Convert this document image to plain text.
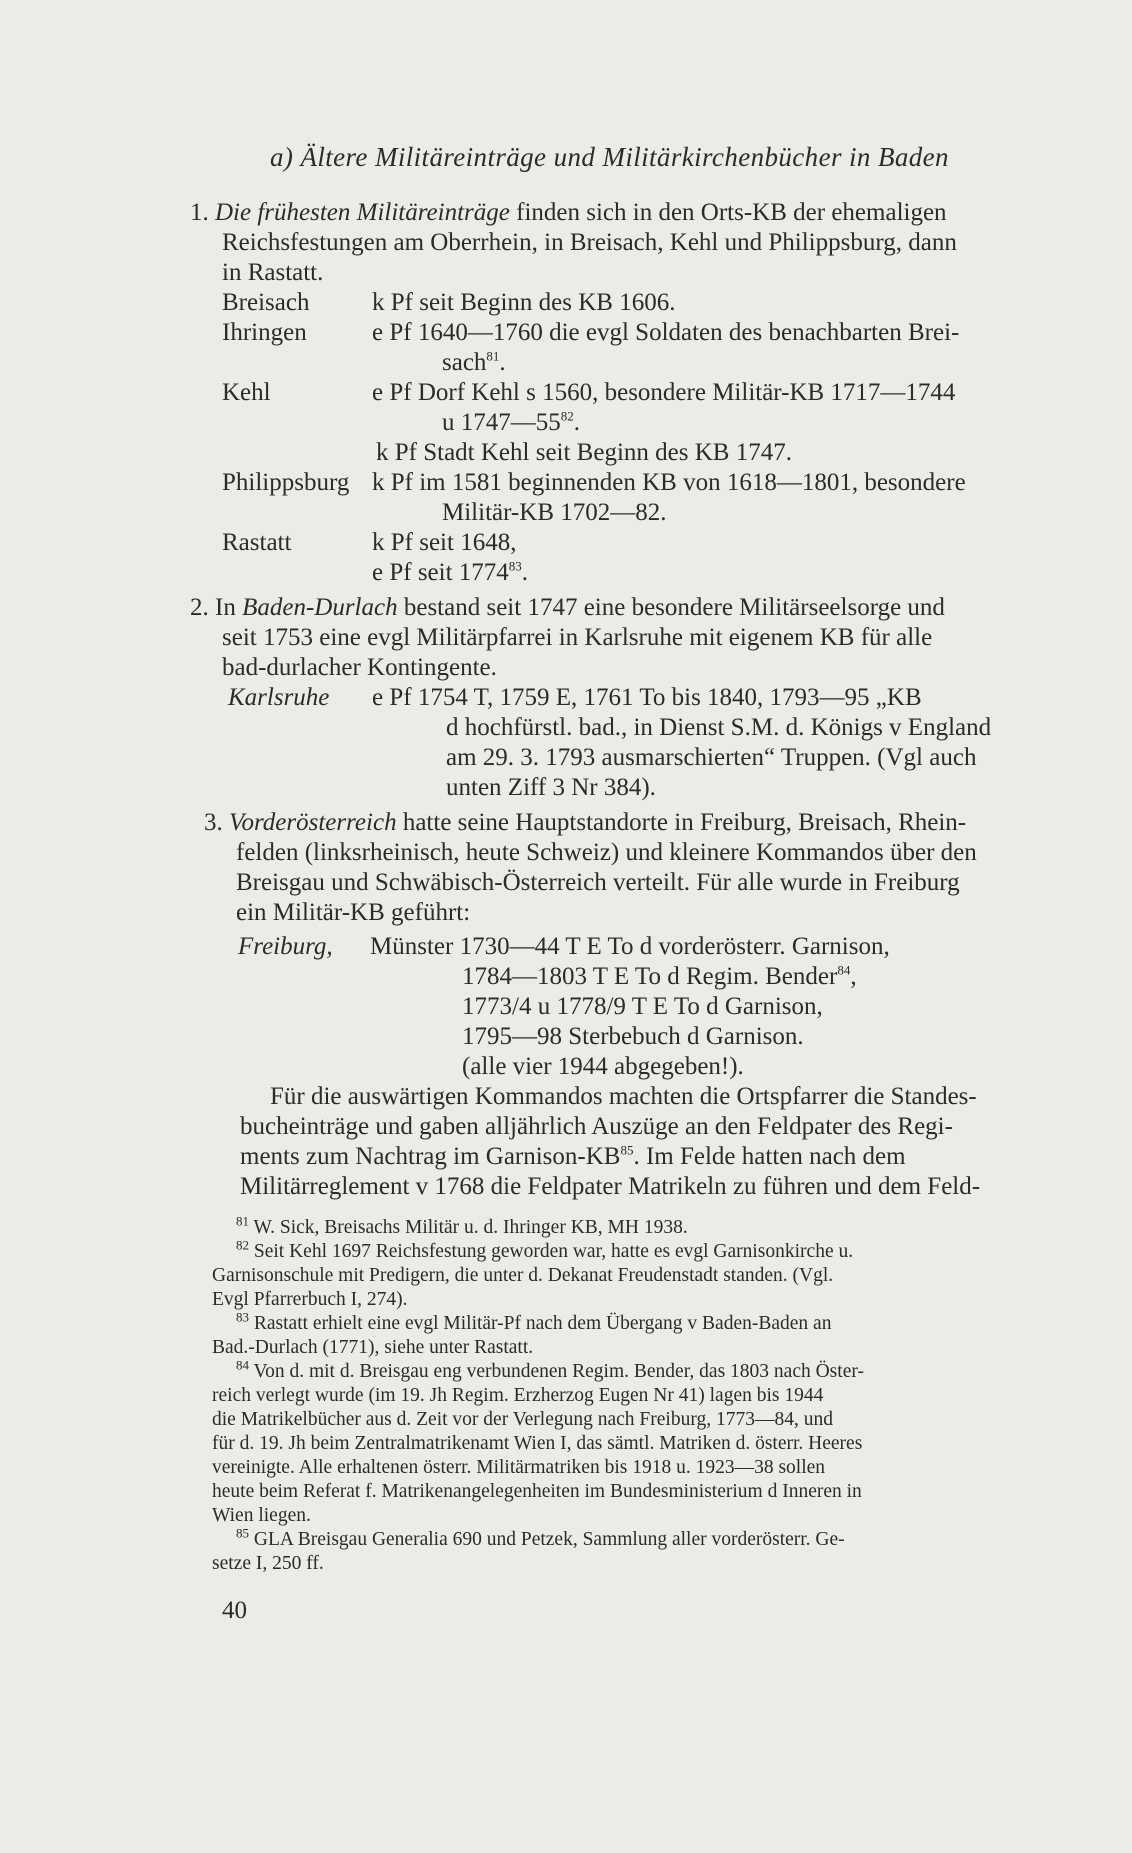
a) Ältere Militäreinträge und Militärkirchenbücher in Baden
1. Die frühesten Militäreinträge finden sich in den Orts-KB der ehemaligen
Reichsfestungen am Oberrhein, in Breisach, Kehl und Philippsburg, dann
in Rastatt.
Breisach	k Pf seit Beginn des KB 1606.
Ihringen	e Pf 1640—1760 die evgl Soldaten des benachbarten Brei-
sach$^{81}$.
Kehl	e Pf Dorf Kehl s 1560, besondere Militär-KB 1717—1744
u $1747—55^{82}$.
k Pf Stadt Kehl seit Beginn des KB 1747.
Philippsburg k Pf im 1581 beginnenden KB von 1618—1801, besondere
Militär-KB 1702—82.
Rastatt	k Pf seit 1648,
e Pf seit 1774$^{83}$.
2. In Baden-Durlach bestand seit 1747 eine besondere Militärseelsorge und
seit 1753 eine evgl Militärpfarrei in Karlsruhe mit eigenem KB für alle
bad-durlacher Kontingente.
Karlsruhe e Pf 1754 T, 1759 E, 1761 To bis 1840, 1793—95 „KB
d hochfürstl. bad., in Dienst S.M. d. Königs v England
am 29. 3. 1793 ausmarschierten“ Truppen. (Vgl auch
unten Ziff 3 Nr 384).
3. Vorderösterreich hatte seine Hauptstandorte in Freiburg, Breisach, Rhein-
felden (linksrheinisch, heute Schweiz) und kleinere Kommandos über den
Breisgau und Schwäbisch-Österreich verteilt. Für alle wurde in Freiburg
ein Militär-KB geführt:
Freiburg, Münster 1730—44 T E To d vorderösterr. Garnison,
1784—1803 T E To d Regim. Bender$^{84}$,
1773/4 u 1778/9 T E To d Garnison,
1795—98 Sterbebuch d Garnison.
(alle vier 1944 abgegeben!).
Für die auswärtigen Kommandos machten die Ortspfarrer die Standes-
bucheinträge und gaben alljährlich Auszüge an den Feldpater des Regi-
ments zum Nachtrag im Garnison-KB$^{85}$. Im Felde hatten nach dem
Militärreglement v 1768 die Feldpater Matrikeln zu führen und dem Feld-
$^{81}$ W. Sick, Breisachs Militär u. d. Ihringer KB, MH 1938.
$^{82}$ Seit Kehl 1697 Reichsfestung geworden war, hatte es evgl Garnisonkirche u.
Garnisonschule mit Predigern, die unter d. Dekanat Freudenstadt standen. (Vgl.
Evgl Pfarrerbuch I, 274).
$^{83}$ Rastatt erhielt eine evgl Militär-Pf nach dem Übergang v Baden-Baden an
Bad.-Durlach (1771), siehe unter Rastatt.
$^{84}$ Von d. mit d. Breisgau eng verbundenen Regim. Bender, das 1803 nach Öster-
reich verlegt wurde (im 19. Jh Regim. Erzherzog Eugen Nr 41) lagen bis 1944
die Matrikelbücher aus d. Zeit vor der Verlegung nach Freiburg, 1773—84, und
für d. 19. Jh beim Zentralmatrikenamt Wien I, das sämtl. Matriken d. österr. Heeres
vereinigte. Alle erhaltenen österr. Militärmatriken bis 1918 u. 1923—38 sollen
heute beim Referat f. Matrikenangelegenheiten im Bundesministerium d Inneren in
Wien liegen.
$^{85}$ GLA Breisgau Generalia 690 und Petzek, Sammlung aller vorderösterr. Ge-
setze I, 250 ff.
40
